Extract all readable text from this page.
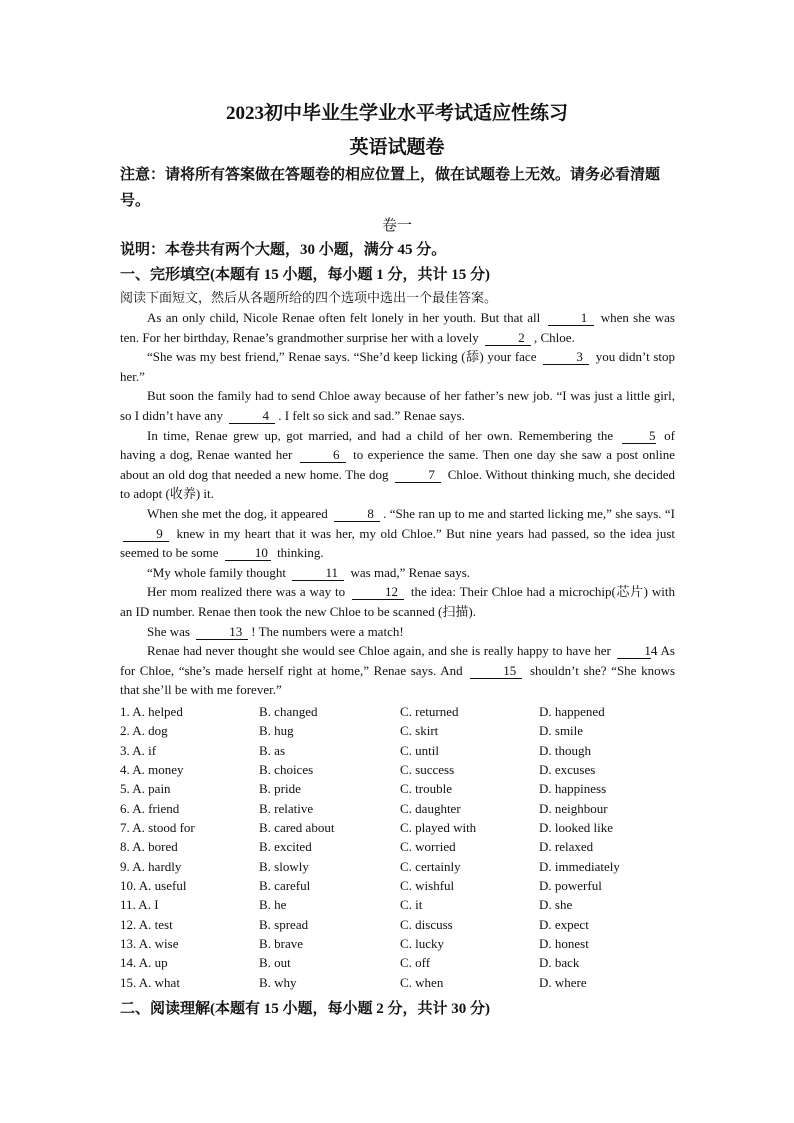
2023初中毕业生学业水平考试适应性练习
英语试题卷
注意：请将所有答案做在答题卷的相应位置上，做在试题卷上无效。请务必看清题号。
卷一
说明：本卷共有两个大题，30 小题，满分 45 分。
一、完形填空(本题有 15 小题，每小题 1 分，共计 15 分)
阅读下面短文，然后从各题所给的四个选项中选出一个最佳答案。

As an only child, Nicole Renae often felt lonely in her youth. But that all	1 when she was ten. For her birthday, Renae’s grandmother surprise her with a lovely	2 , Chloe.

“She was my best friend,” Renae says. “She’d keep licking (舔) your face	3 you didn’t stop her.”

But soon the family had to send Chloe away because of her father’s new job. “I was just a little girl, so I didn’t have any	4 . I felt so sick and sad.” Renae says.

In time, Renae grew up, got married, and had a child of her own. Remembering the	5 of having a dog, Renae wanted her	6 to experience the same. Then one day she saw a post online about an old dog that needed a new home. The dog	7 Chloe. Without thinking much, she decided to adopt (收养) it.

When she met the dog, it appeared	8 . “She ran up to me and started licking me,” she says. “I 9 knew in my heart that it was her, my old Chloe.” But nine years had passed, so the idea just seemed to be some	10 thinking.

“My whole family thought	11 was mad,” Renae says.

Her mom realized there was a way to	12 the idea: Their Chloe had a microchip(芯片) with an ID number. Renae then took the new Chloe to be scanned (扫描).

She was	13 ! The numbers were a match!

Renae had never thought she would see Chloe again, and she is really happy to have her	14. As for Chloe, “she’s made herself right at home,” Renae says. And	15 shouldn’t she? “She knows that she’ll be with me forever.”

1. A. helped	B. changed	C. returned	D. happened
2. A. dog	B. hug	C. skirt	D. smile
3. A. if	B. as	C. until	D. though
4. A. money	B. choices	C. success	D. excuses
5. A. pain	B. pride	C. trouble	D. happiness
6. A. friend	B. relative	C. daughter	D. neighbour
7. A. stood for	B. cared about	C. played with	D. looked like
8. A. bored	B. excited	C. worried	D. relaxed
9. A. hardly	B. slowly	C. certainly	D. immediately
10. A. useful	B. careful	C. wishful	D. powerful
11. A. I	B. he	C. it	D. she
12. A. test	B. spread	C. discuss	D. expect
13. A. wise	B. brave	C. lucky	D. honest
14. A. up	B. out	C. off	D. back
15. A. what	B. why	C. when	D. where
二、阅读理解(本题有 15 小题，每小题 2 分，共计 30 分)
